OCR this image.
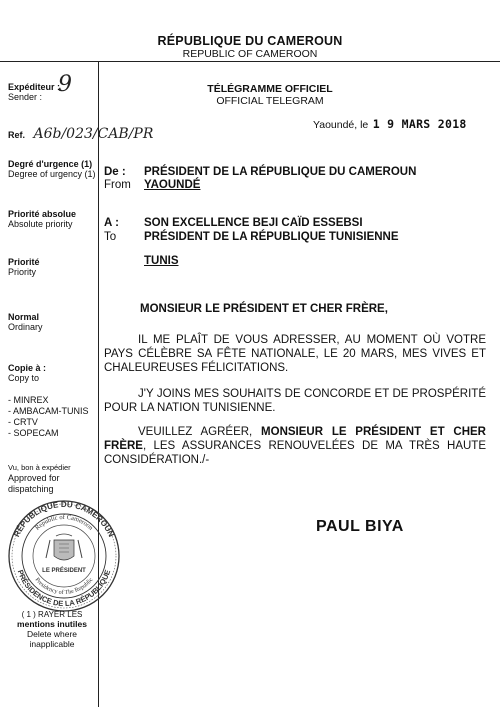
RÉPUBLIQUE DU CAMEROUN
REPUBLIC OF CAMEROON
Expéditeur :
Sender : 9
Ref. A6b/023/CAB/PR
Degré d'urgence (1)
Degree of urgency (1)
Priorité absolue
Absolute priority
Priorité
Priority
Normal
Ordinary
Copie à :
Copy to
- MINREX
- AMBACAM-TUNIS
- CRTV
- SOPECAM
Vu, bon à expédier
Approved for dispatching
RÉPUBLIQUE DU CAMEROUN
Republic of Cameroon
PRÉSIDENCE DE LA RÉPUBLIQUE
Presidency of The Republic
LE PRÉSIDENT
( 1 ) RAYER LES
mentions inutiles
Delete where
inapplicable
TÉLÉGRAMME OFFICIEL
OFFICIAL TELEGRAM
Yaoundé, le 1 9 MARS 2018
De :
From
PRÉSIDENT DE LA RÉPUBLIQUE DU CAMEROUN
YAOUNDÉ
A :
To
SON EXCELLENCE BEJI CAÏD ESSEBSI
PRÉSIDENT DE LA RÉPUBLIQUE TUNISIENNE
TUNIS
MONSIEUR LE PRÉSIDENT ET CHER FRÈRE,
IL ME PLAÎT DE VOUS ADRESSER, AU MOMENT OÙ VOTRE PAYS CÉLÈBRE SA FÊTE NATIONALE, LE 20 MARS, MES VIVES ET CHALEUREUSES FÉLICITATIONS.
J'Y JOINS MES SOUHAITS DE CONCORDE ET DE PROSPÉRITÉ POUR LA NATION TUNISIENNE.
VEUILLEZ AGRÉER, MONSIEUR LE PRÉSIDENT ET CHER FRÈRE, LES ASSURANCES RENOUVELÉES DE MA TRÈS HAUTE CONSIDÉRATION./-
PAUL BIYA
